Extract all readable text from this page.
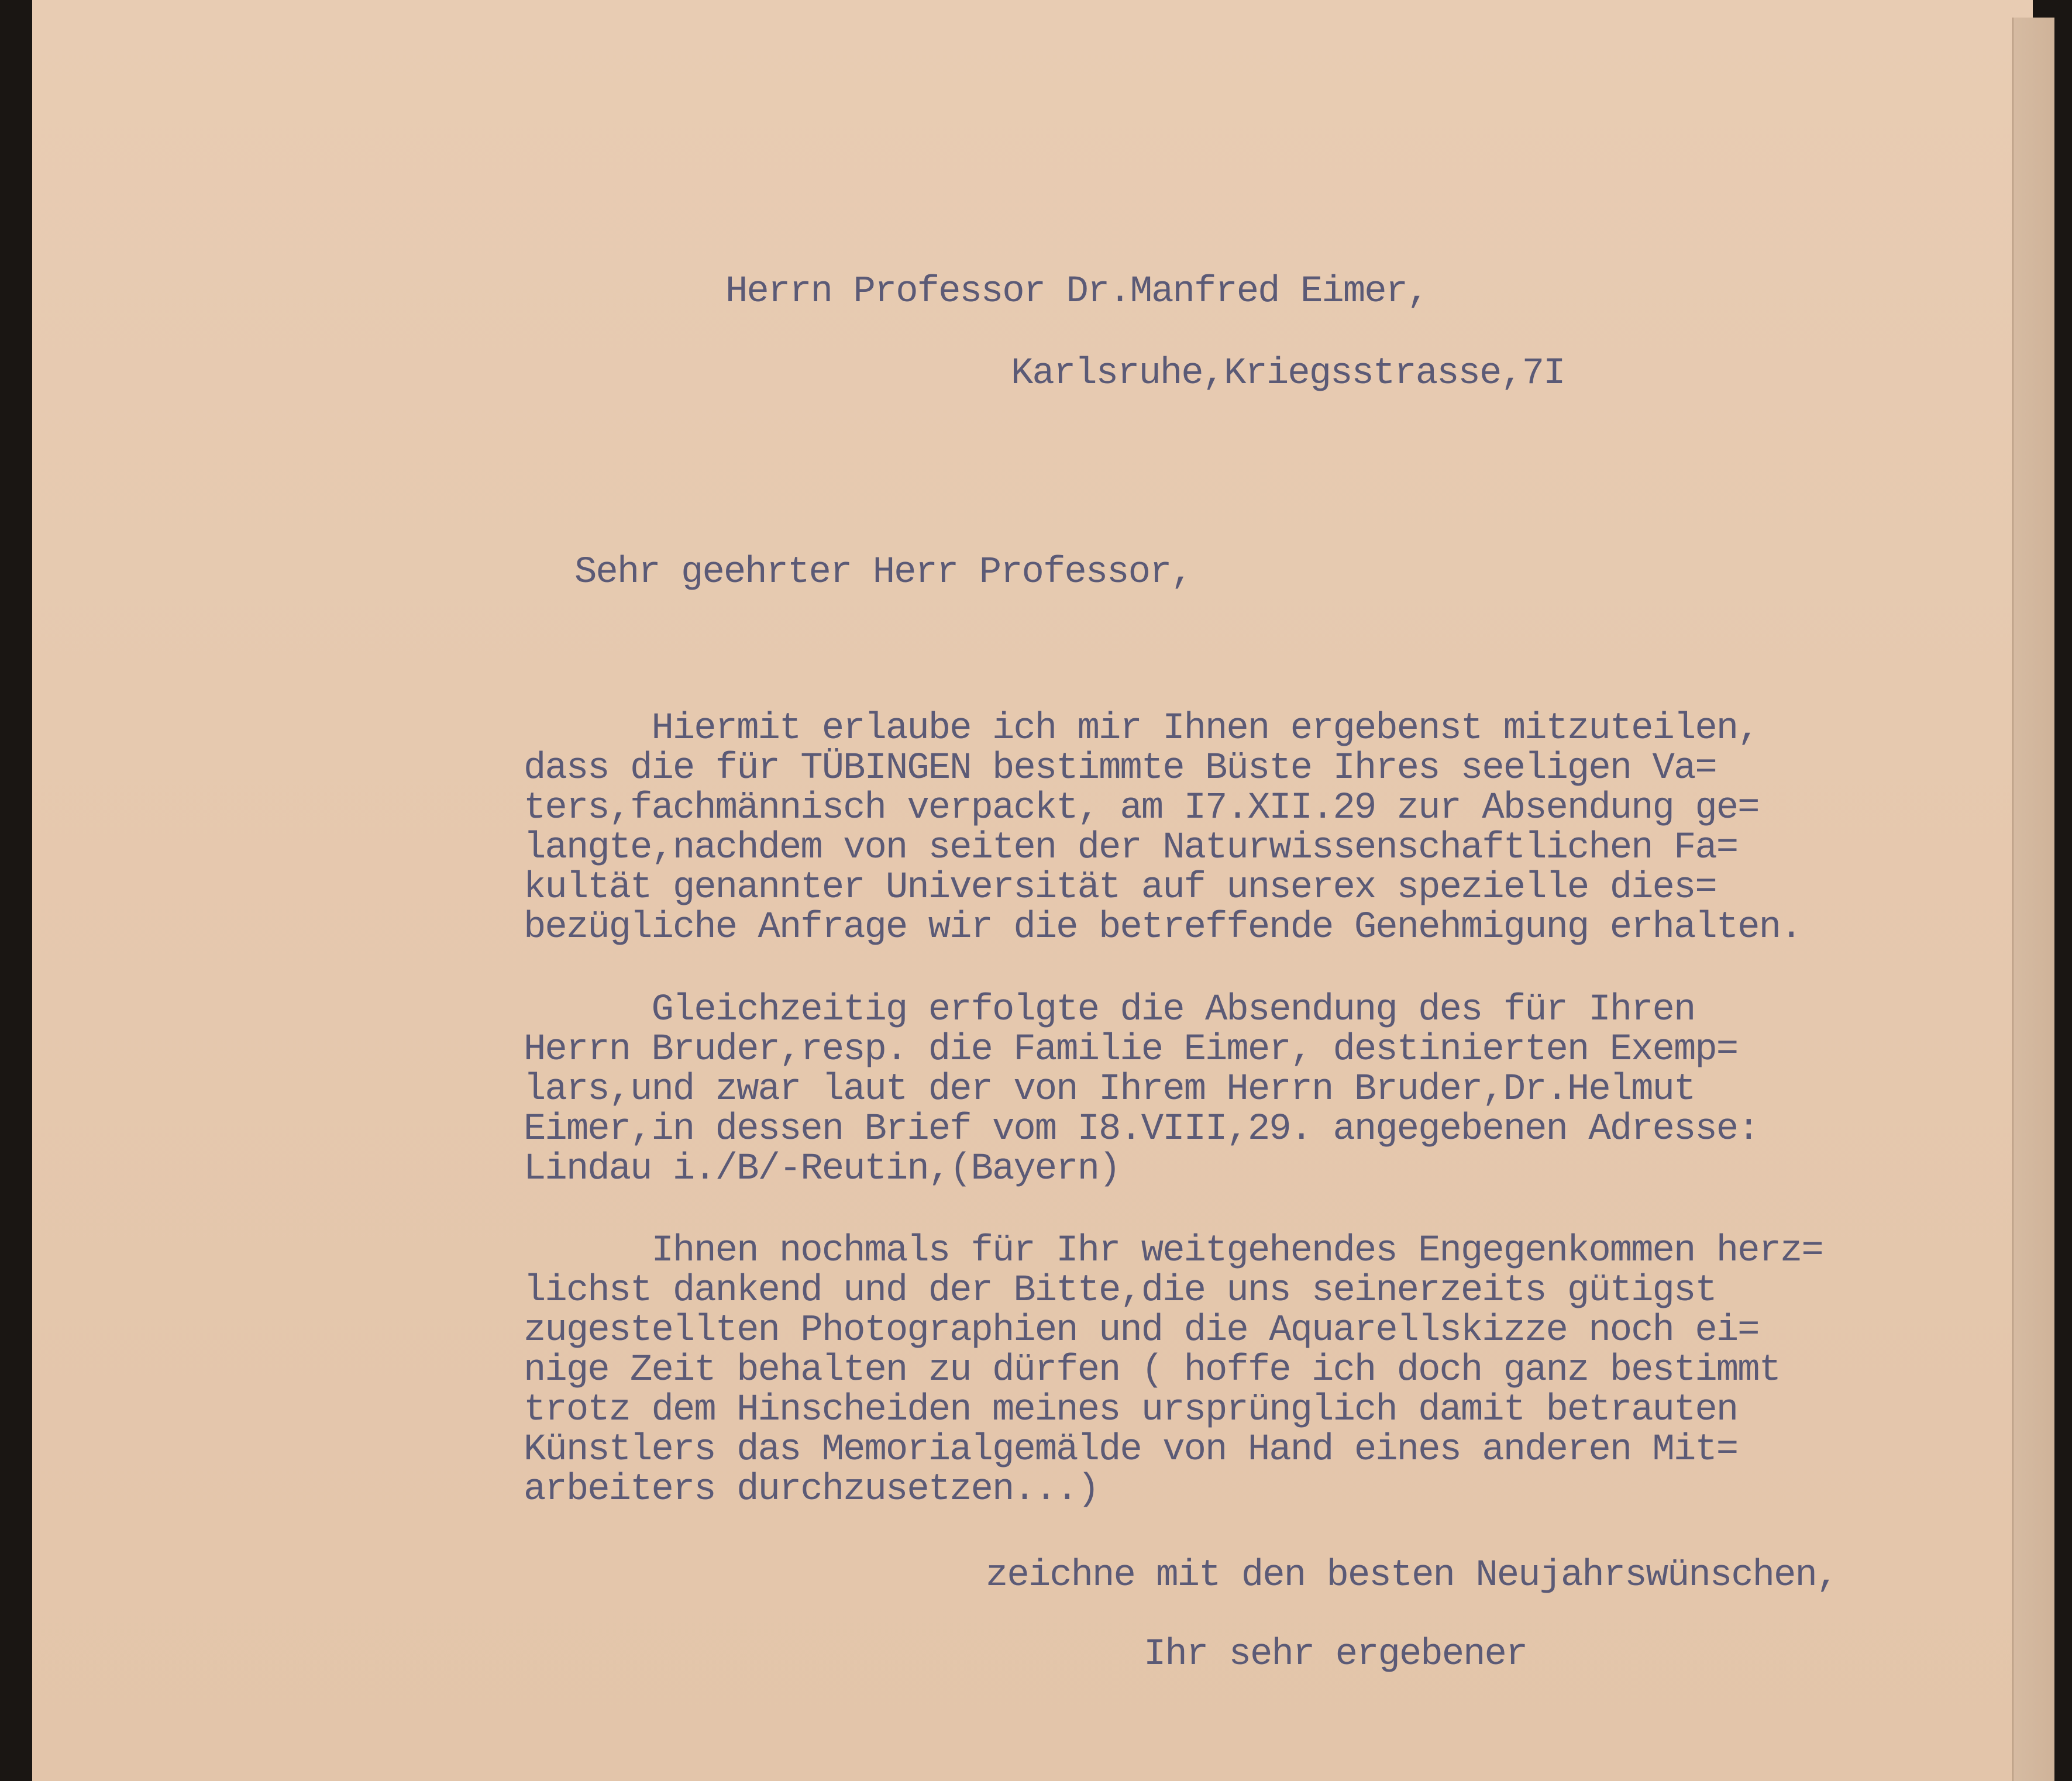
Herrn Professor Dr.Manfred Eimer,
Karlsruhe,Kriegsstrasse,7I
Sehr geehrter Herr Professor,
Hiermit erlaube ich mir Ihnen ergebenst mitzuteilen,
dass die für TÜBINGEN bestimmte Büste Ihres seeligen Va=
ters,fachmännisch verpackt, am I7.XII.29 zur Absendung ge=
langte,nachdem von seiten der Naturwissenschaftlichen Fa=
kultät genannter Universität auf unserex spezielle dies=
bezügliche Anfrage wir die betreffende Genehmigung erhalten.
Gleichzeitig erfolgte die Absendung des für Ihren
Herrn Bruder,resp. die Familie Eimer, destinierten Exemp=
lars,und zwar laut der von Ihrem Herrn Bruder,Dr.Helmut
Eimer,in dessen Brief vom I8.VIII,29. angegebenen Adresse:
Lindau i./B/-Reutin,(Bayern)
Ihnen nochmals für Ihr weitgehendes Engegenkommen herz=
lichst dankend und der Bitte,die uns seinerzeits gütigst
zugestellten Photographien und die Aquarellskizze noch ei=
nige Zeit behalten zu dürfen ( hoffe ich doch ganz bestimmt
trotz dem Hinscheiden meines ursprünglich damit betrauten
Künstlers das Memorialgemälde von Hand eines anderen Mit=
arbeiters durchzusetzen...)
zeichne mit den besten Neujahrswünschen,
Ihr sehr ergebener
